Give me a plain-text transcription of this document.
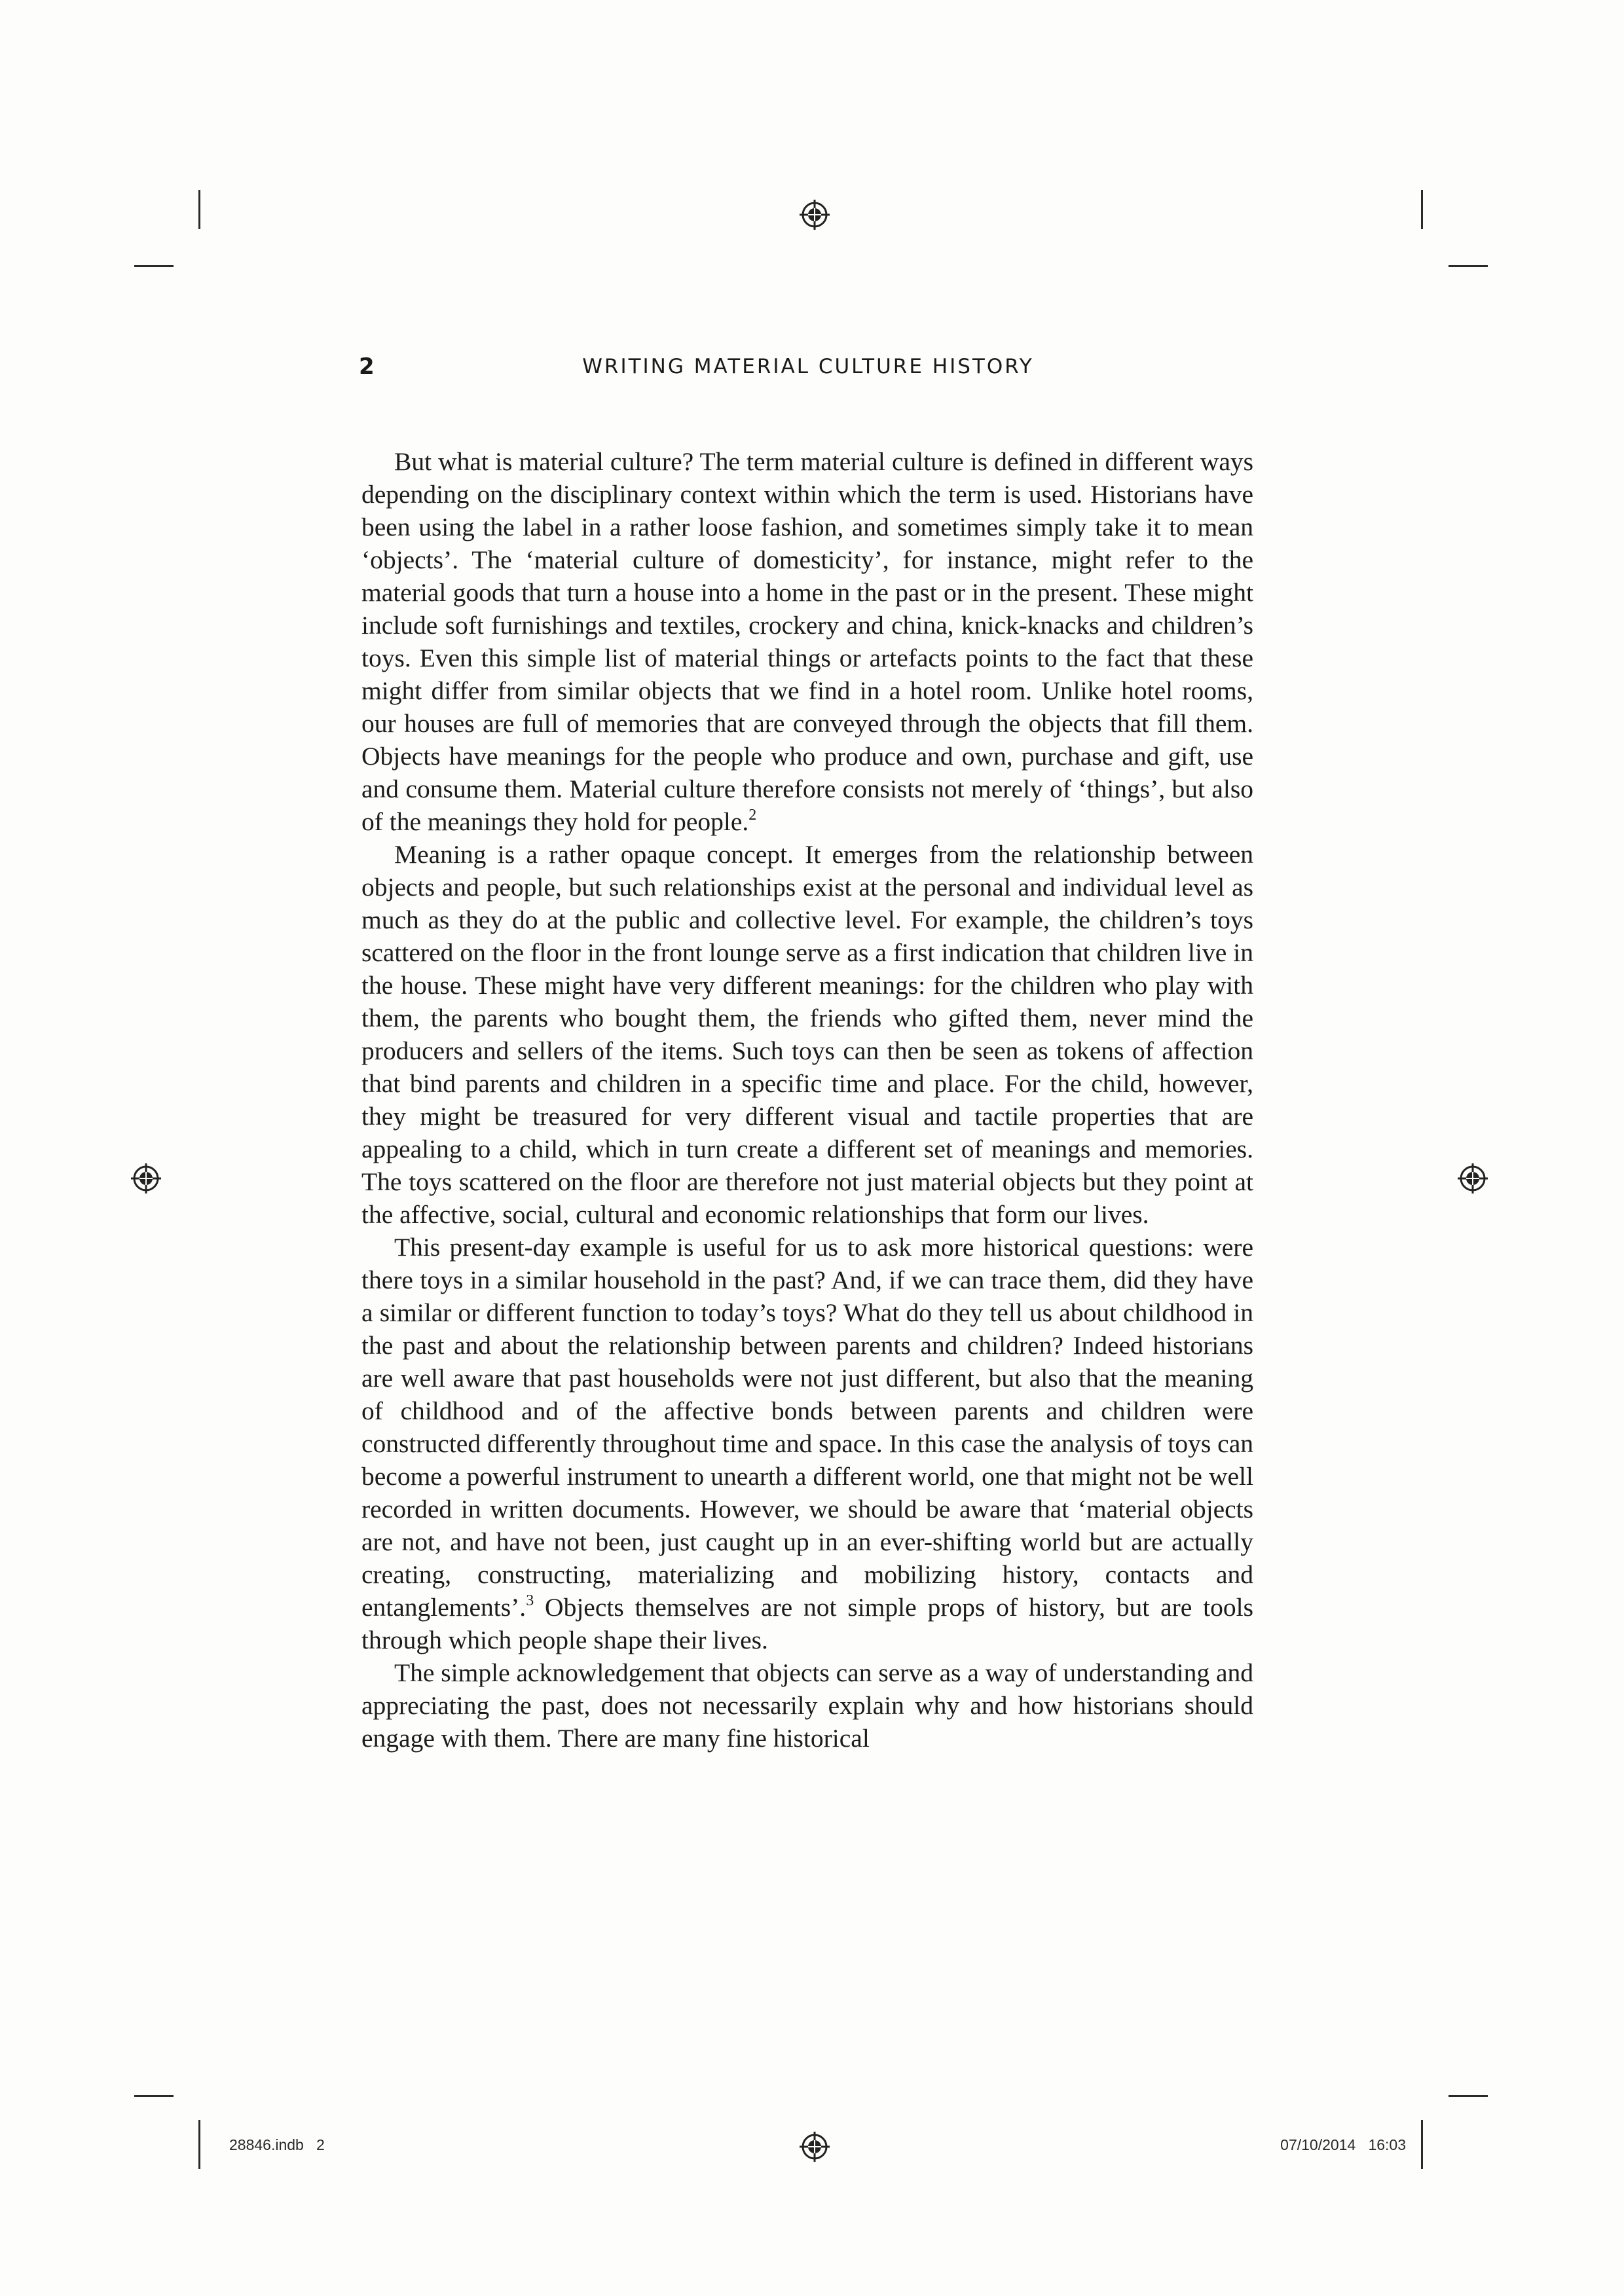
2	WRITING MATERIAL CULTURE HISTORY

But what is material culture? The term material culture is defined in different ways depending on the disciplinary context within which the term is used. Historians have been using the label in a rather loose fashion, and sometimes simply take it to mean ‘objects’. The ‘material culture of domesticity’, for instance, might refer to the material goods that turn a house into a home in the past or in the present. These might include soft furnishings and textiles, crockery and china, knick-knacks and children’s toys. Even this simple list of material things or artefacts points to the fact that these might differ from similar objects that we find in a hotel room. Unlike hotel rooms, our houses are full of memories that are conveyed through the objects that fill them. Objects have meanings for the people who produce and own, purchase and gift, use and consume them. Material culture therefore consists not merely of ‘things’, but also of the meanings they hold for people.$^2$

Meaning is a rather opaque concept. It emerges from the relationship between objects and people, but such relationships exist at the personal and individual level as much as they do at the public and collective level. For example, the children’s toys scattered on the floor in the front lounge serve as a first indication that children live in the house. These might have very different meanings: for the children who play with them, the parents who bought them, the friends who gifted them, never mind the producers and sellers of the items. Such toys can then be seen as tokens of affection that bind parents and children in a specific time and place. For the child, however, they might be treasured for very different visual and tactile properties that are appealing to a child, which in turn create a different set of meanings and memories. The toys scattered on the floor are therefore not just material objects but they point at the affective, social, cultural and economic relationships that form our lives.

This present-day example is useful for us to ask more historical questions: were there toys in a similar household in the past? And, if we can trace them, did they have a similar or different function to today’s toys? What do they tell us about childhood in the past and about the relationship between parents and children? Indeed historians are well aware that past households were not just different, but also that the meaning of childhood and of the affective bonds between parents and children were constructed differently throughout time and space. In this case the analysis of toys can become a powerful instrument to unearth a different world, one that might not be well recorded in written documents. However, we should be aware that ‘material objects are not, and have not been, just caught up in an ever-shifting world but are actually creating, constructing, materializing and mobilizing history, contacts and entanglements’.$^3$ Objects themselves are not simple props of history, but are tools through which people shape their lives.

The simple acknowledgement that objects can serve as a way of understanding and appreciating the past, does not necessarily explain why and how historians should engage with them. There are many fine historical

28846.indb   2	07/10/2014   16:03
